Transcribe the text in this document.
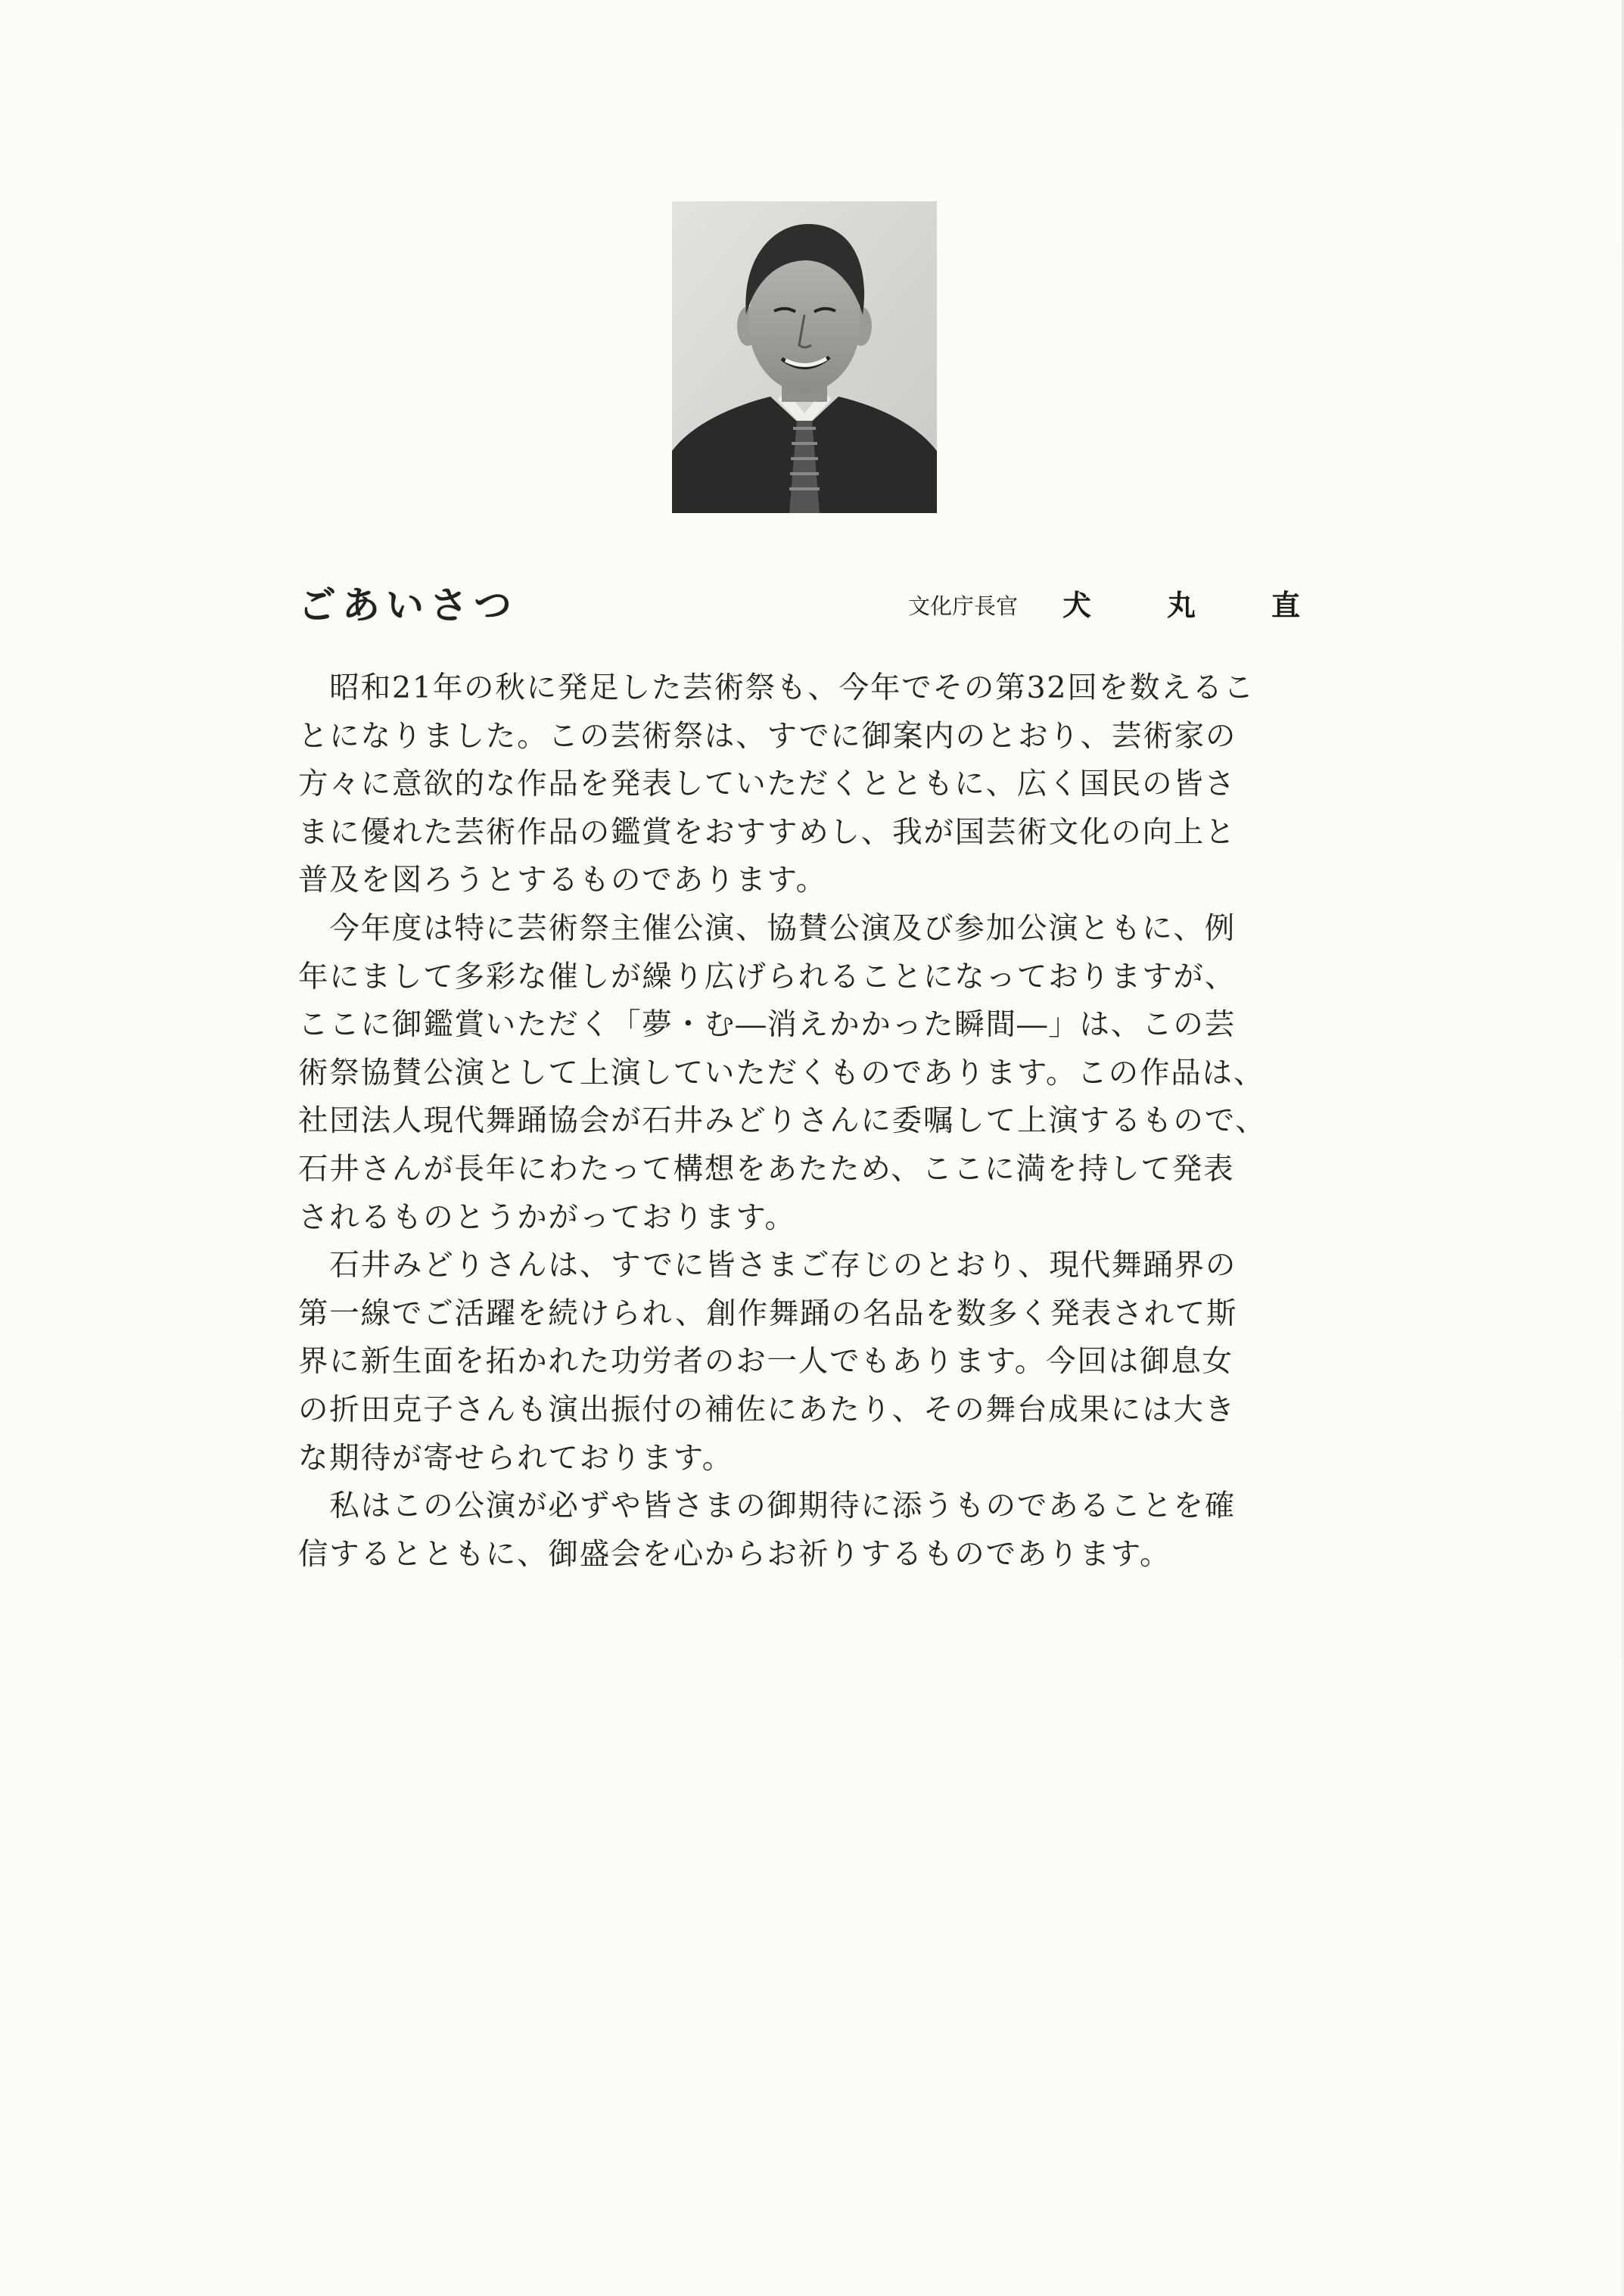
ごあいさつ	文化庁長官 犬	丸	直
　昭和21年の秋に発足した芸術祭も、今年でその第32回を数えるこ
とになりました。この芸術祭は、すでに御案内のとおり、芸術家の
方々に意欲的な作品を発表していただくとともに、広く国民の皆さ
まに優れた芸術作品の鑑賞をおすすめし、我が国芸術文化の向上と
普及を図ろうとするものであります。
　今年度は特に芸術祭主催公演、協賛公演及び参加公演ともに、例
年にまして多彩な催しが繰り広げられることになっておりますが、
ここに御鑑賞いただく「夢・む―消えかかった瞬間―」は、この芸
術祭協賛公演として上演していただくものであります。この作品は、
社団法人現代舞踊協会が石井みどりさんに委嘱して上演するもので、
石井さんが長年にわたって構想をあたため、ここに満を持して発表
されるものとうかがっております。
　石井みどりさんは、すでに皆さまご存じのとおり、現代舞踊界の
第一線でご活躍を続けられ、創作舞踊の名品を数多く発表されて斯
界に新生面を拓かれた功労者のお一人でもあります。今回は御息女
の折田克子さんも演出振付の補佐にあたり、その舞台成果には大き
な期待が寄せられております。
　私はこの公演が必ずや皆さまの御期待に添うものであることを確
信するとともに、御盛会を心からお祈りするものであります。
